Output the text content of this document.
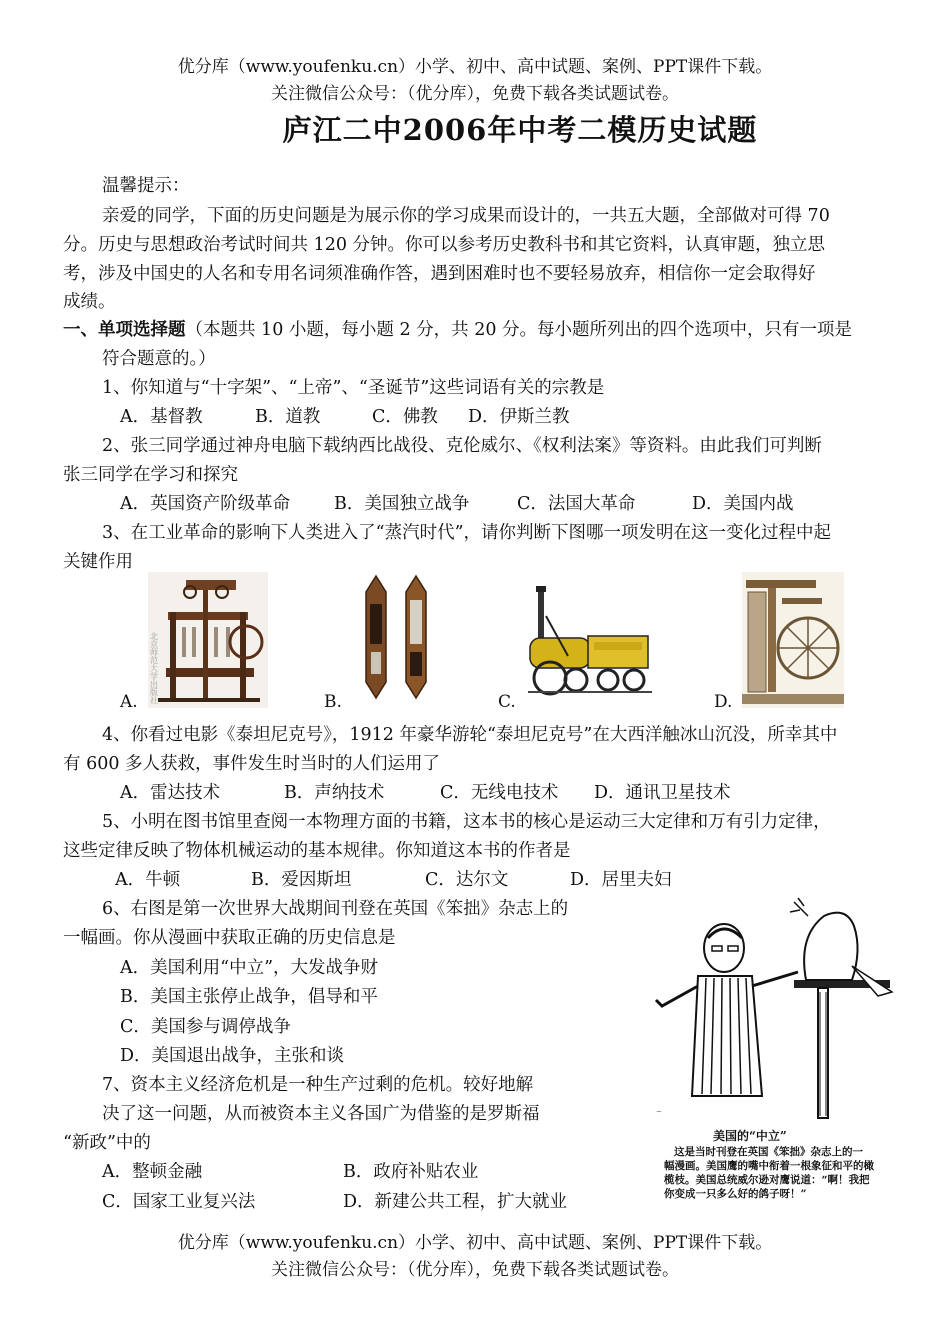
优分库（www.youfenku.cn）小学、初中、高中试题、案例、PPT课件下载。
关注微信公众号：（优分库），免费下载各类试题试卷。
庐江二中2006年中考二模历史试题
温馨提示：
亲爱的同学，下面的历史问题是为展示你的学习成果而设计的，一共五大题，全部做对可得 70
分。历史与思想政治考试时间共 120 分钟。你可以参考历史教科书和其它资料，认真审题，独立思
考，涉及中国史的人名和专用名词须准确作答，遇到困难时也不要轻易放弃，相信你一定会取得好
成绩。
一、单项选择题（本题共 10 小题，每小题 2 分，共 20 分。每小题所列出的四个选项中，只有一项是
符合题意的。）
1、你知道与“十字架”、“上帝”、“圣诞节”这些词语有关的宗教是
A．基督教	B．道教	C．佛教 D．伊斯兰教
2、张三同学通过神舟电脑下载纳西比战役、克伦威尔、《权利法案》等资料。由此我们可判断
张三同学在学习和探究
A．英国资产阶级革命	B．美国独立战争	C．法国大革命	D．美国内战
3、在工业革命的影响下人类进入了“蒸汽时代”，请你判断下图哪一项发明在这一变化过程中起
关键作用
A. 北京师范大学出版社	B.	C.	D.
4、你看过电影《泰坦尼克号》，1912 年豪华游轮“泰坦尼克号”在大西洋触冰山沉没，所幸其中
有 600 多人获救，事件发生时当时的人们运用了
A．雷达技术	B．声纳技术	C．无线电技术 D．通讯卫星技术
5、小明在图书馆里查阅一本物理方面的书籍，这本书的核心是运动三大定律和万有引力定律，
这些定律反映了物体机械运动的基本规律。你知道这本书的作者是
A．牛顿	B．爱因斯坦	C．达尔文	D．居里夫妇
6、右图是第一次世界大战期间刊登在英国《笨拙》杂志上的
一幅画。你从漫画中获取正确的历史信息是
A．美国利用“中立”，大发战争财
B．美国主张停止战争，倡导和平
C．美国参与调停战争
D．美国退出战争，主张和谈
~
美国的“中立”
这是当时刊登在英国《笨拙》杂志上的一
幅漫画。美国鹰的嘴中衔着一根象征和平的橄
榄枝。美国总统威尔逊对鹰说道：“啊！我把
你变成一只多么好的鸽子呀！”
7、资本主义经济危机是一种生产过剩的危机。较好地解
决了这一问题，从而被资本主义各国广为借鉴的是罗斯福
“新政”中的
A．整顿金融	B．政府补贴农业
C．国家工业复兴法	D．新建公共工程，扩大就业
优分库（www.youfenku.cn）小学、初中、高中试题、案例、PPT课件下载。
关注微信公众号：（优分库），免费下载各类试题试卷。
